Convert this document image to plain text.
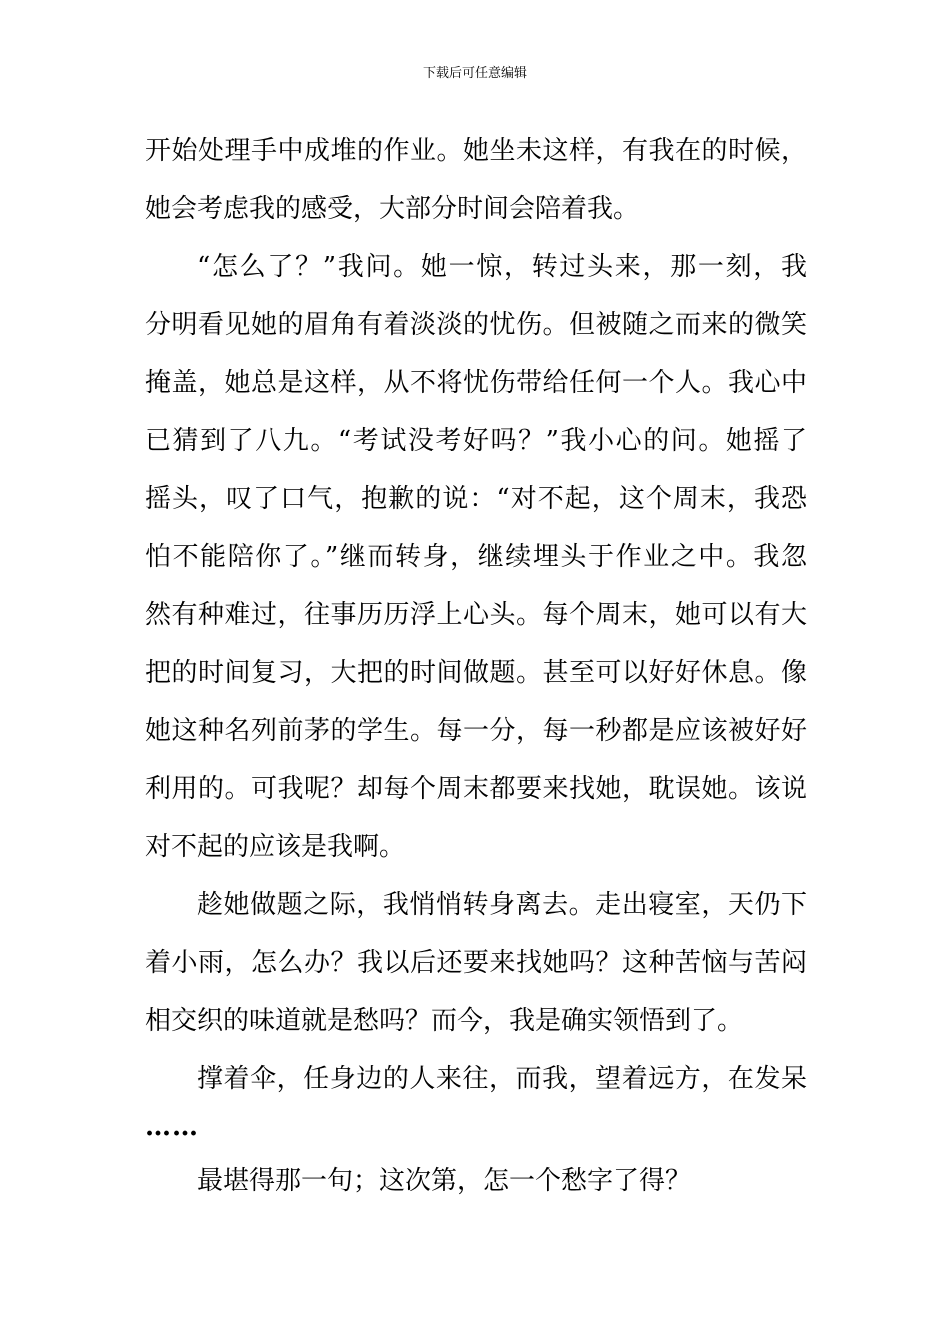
下载后可任意编辑
开始处理手中成堆的作业。她坐未这样，有我在的时候，
她会考虑我的感受，大部分时间会陪着我。
“怎么了？”我问。她一惊，转过头来，那一刻，我
分明看见她的眉角有着淡淡的忧伤。但被随之而来的微笑
掩盖，她总是这样，从不将忧伤带给任何一个人。我心中
已猜到了八九。“考试没考好吗？”我小心的问。她摇了
摇头，叹了口气，抱歉的说：“对不起，这个周末，我恐
怕不能陪你了。”继而转身，继续埋头于作业之中。我忽
然有种难过，往事历历浮上心头。每个周末，她可以有大
把的时间复习，大把的时间做题。甚至可以好好休息。像
她这种名列前茅的学生。每一分，每一秒都是应该被好好
利用的。可我呢？却每个周末都要来找她，耽误她。该说
对不起的应该是我啊。
趁她做题之际，我悄悄转身离去。走出寝室，天仍下
着小雨，怎么办？我以后还要来找她吗？这种苦恼与苦闷
相交织的味道就是愁吗？而今，我是确实领悟到了。
撑着伞，任身边的人来往，而我，望着远方，在发呆
……
最堪得那一句；这次第，怎一个愁字了得？
